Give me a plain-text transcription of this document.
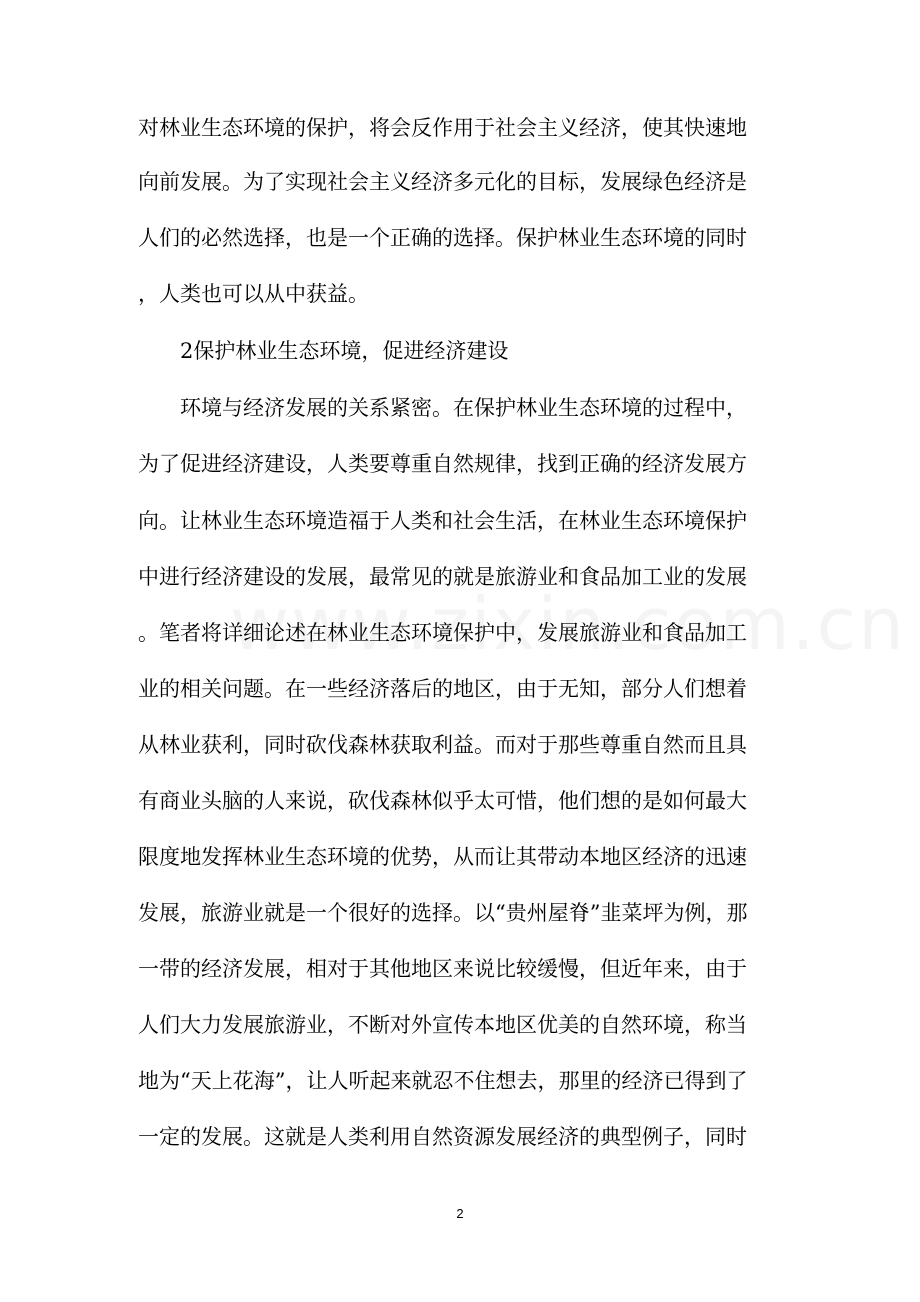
对林业生态环境的保护，将会反作用于社会主义经济，使其快速地
向前发展。为了实现社会主义经济多元化的目标，发展绿色经济是
人们的必然选择，也是一个正确的选择。保护林业生态环境的同时
，人类也可以从中获益。
2保护林业生态环境，促进经济建设
环境与经济发展的关系紧密。在保护林业生态环境的过程中，
为了促进经济建设，人类要尊重自然规律，找到正确的经济发展方
向。让林业生态环境造福于人类和社会生活，在林业生态环境保护
中进行经济建设的发展，最常见的就是旅游业和食品加工业的发展
。笔者将详细论述在林业生态环境保护中，发展旅游业和食品加工
业的相关问题。在一些经济落后的地区，由于无知，部分人们想着
从林业获利，同时砍伐森林获取利益。而对于那些尊重自然而且具
有商业头脑的人来说，砍伐森林似乎太可惜，他们想的是如何最大
限度地发挥林业生态环境的优势，从而让其带动本地区经济的迅速
发展，旅游业就是一个很好的选择。以“贵州屋脊”韭菜坪为例，那
一带的经济发展，相对于其他地区来说比较缓慢，但近年来，由于
人们大力发展旅游业，不断对外宣传本地区优美的自然环境，称当
地为“天上花海”，让人听起来就忍不住想去，那里的经济已得到了
一定的发展。这就是人类利用自然资源发展经济的典型例子，同时
2
